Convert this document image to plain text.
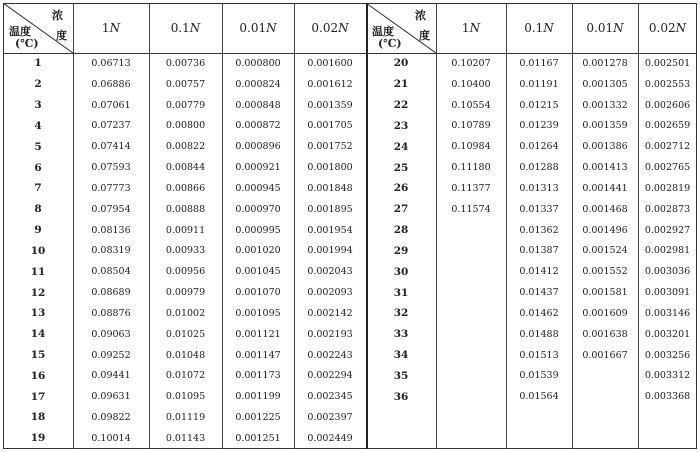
浓
度
温度
(℃)	1N	0.1N	0.01N	0.02N	浓
度
温度
(℃)	1N	0.1N	0.01N	0.02N
1	0.06713	0.00736	0.000800	0.001600	20	0.10207	0.01167	0.001278	0.002501
2	0.06886	0.00757	0.000824	0.001612	21	0.10400	0.01191	0.001305	0.002553
3	0.07061	0.00779	0.000848	0.001359	22	0.10554	0.01215	0.001332	0.002606
4	0.07237	0.00800	0.000872	0.001705	23	0.10789	0.01239	0.001359	0.002659
5	0.07414	0.00822	0.000896	0.001752	24	0.10984	0.01264	0.001386	0.002712
6	0.07593	0.00844	0.000921	0.001800	25	0.11180	0.01288	0.001413	0.002765
7	0.07773	0.00866	0.000945	0.001848	26	0.11377	0.01313	0.001441	0.002819
8	0.07954	0.00888	0.000970	0.001895	27	0.11574	0.01337	0.001468	0.002873
9	0.08136	0.00911	0.000995	0.001954	28		0.01362	0.001496	0.002927
10	0.08319	0.00933	0.001020	0.001994	29		0.01387	0.001524	0.002981
11	0.08504	0.00956	0.001045	0.002043	30		0.01412	0.001552	0.003036
12	0.08689	0.00979	0.001070	0.002093	31		0.01437	0.001581	0.003091
13	0.08876	0.01002	0.001095	0.002142	32		0.01462	0.001609	0.003146
14	0.09063	0.01025	0.001121	0.002193	33		0.01488	0.001638	0.003201
15	0.09252	0.01048	0.001147	0.002243	34		0.01513	0.001667	0.003256
16	0.09441	0.01072	0.001173	0.002294	35		0.01539		0.003312
17	0.09631	0.01095	0.001199	0.002345	36		0.01564		0.003368
18	0.09822	0.01119	0.001225	0.002397					
19	0.10014	0.01143	0.001251	0.002449					
